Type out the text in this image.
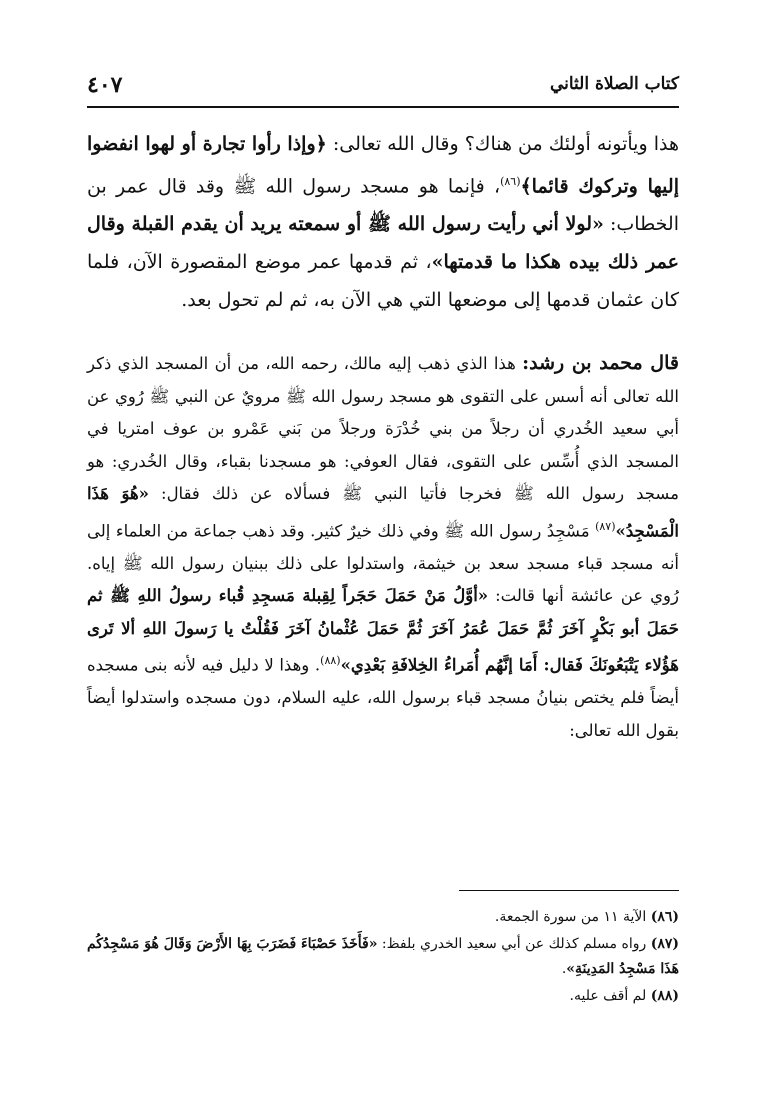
كتاب الصلاة الثاني
٤٠٧

هذا ويأتونه أولئك من هناك؟ وقال الله تعالى: ﴿وإذا رأوا تجارة أو لهوا انفضوا إليها وتركوك قائما﴾$^{(٨٦)}$، فإنما هو مسجد رسول الله ﷺ وقد قال عمر بن الخطاب: «لولا أني رأيت رسول الله ﷺ أو سمعته يريد أن يقدم القبلة وقال عمر ذلك بيده هكذا ما قدمتها»، ثم قدمها عمر موضع المقصورة الآن، فلما كان عثمان قدمها إلى موضعها التي هي الآن به، ثم لم تحول بعد.

قال محمد بن رشد: هذا الذي ذهب إليه مالك، رحمه الله، من أن المسجد الذي ذكر الله تعالى أنه أسس على التقوى هو مسجد رسول الله ﷺ مرويٌ عن النبي ﷺ رُوي عن أبي سعيد الخُدري أن رجلاً من بني خُدْرَة ورجلاً من بَني عَمْرو بن عوف امتريا في المسجد الذي أُسِّس على التقوى، فقال العوفي: هو مسجدنا بقباء، وقال الخُدري: هو مسجد رسول الله ﷺ فخرجا فأتيا النبي ﷺ فسألاه عن ذلك فقال: «هُوَ هَذَا الْمَسْجِدُ»$^{(٨٧)}$ مَسْجِدُ رسول الله ﷺ وفي ذلك خيرٌ كثير. وقد ذهب جماعة من العلماء إلى أنه مسجد قباء مسجد سعد بن خيثمة، واستدلوا على ذلك ببنيان رسول الله ﷺ إياه. رُوي عن عائشة أنها قالت: «أوَّلُ مَنْ حَمَلَ حَجَراً لِقِبلة مَسجِدِ قُباء رسولُ اللهِ ﷺ ثم حَمَلَ أبو بَكْرٍ آخَرَ ثُمَّ حَمَلَ عُمَرُ آخَرَ ثُمَّ حَمَلَ عُثْمانُ آخَرَ فَقُلْتُ يا رَسولَ اللهِ ألا تَرى هَؤُلاء يَتْبَعُونَكَ فَقال: أَمَا إنَّهُم أُمَراءُ الخِلافَةِ بَعْدِي»$^{(٨٨)}$. وهذا لا دليل فيه لأنه بنى مسجده أيضاً فلم يختص بنيانُ مسجد قباء برسول الله، عليه السلام، دون مسجده واستدلوا أيضاً بقول الله تعالى:

(٨٦) الآية ١١ من سورة الجمعة.

(٨٧) رواه مسلم كذلك عن أبي سعيد الخدري بلفظ: «فَأَخَذَ حَصْبَاءَ فَضَرَبَ بِهَا الأَرْضَ وَقَالَ هُوَ مَسْجِدُكُم هَذَا مَسْجِدُ المَدِينَةِ».

(٨٨) لم أقف عليه.
